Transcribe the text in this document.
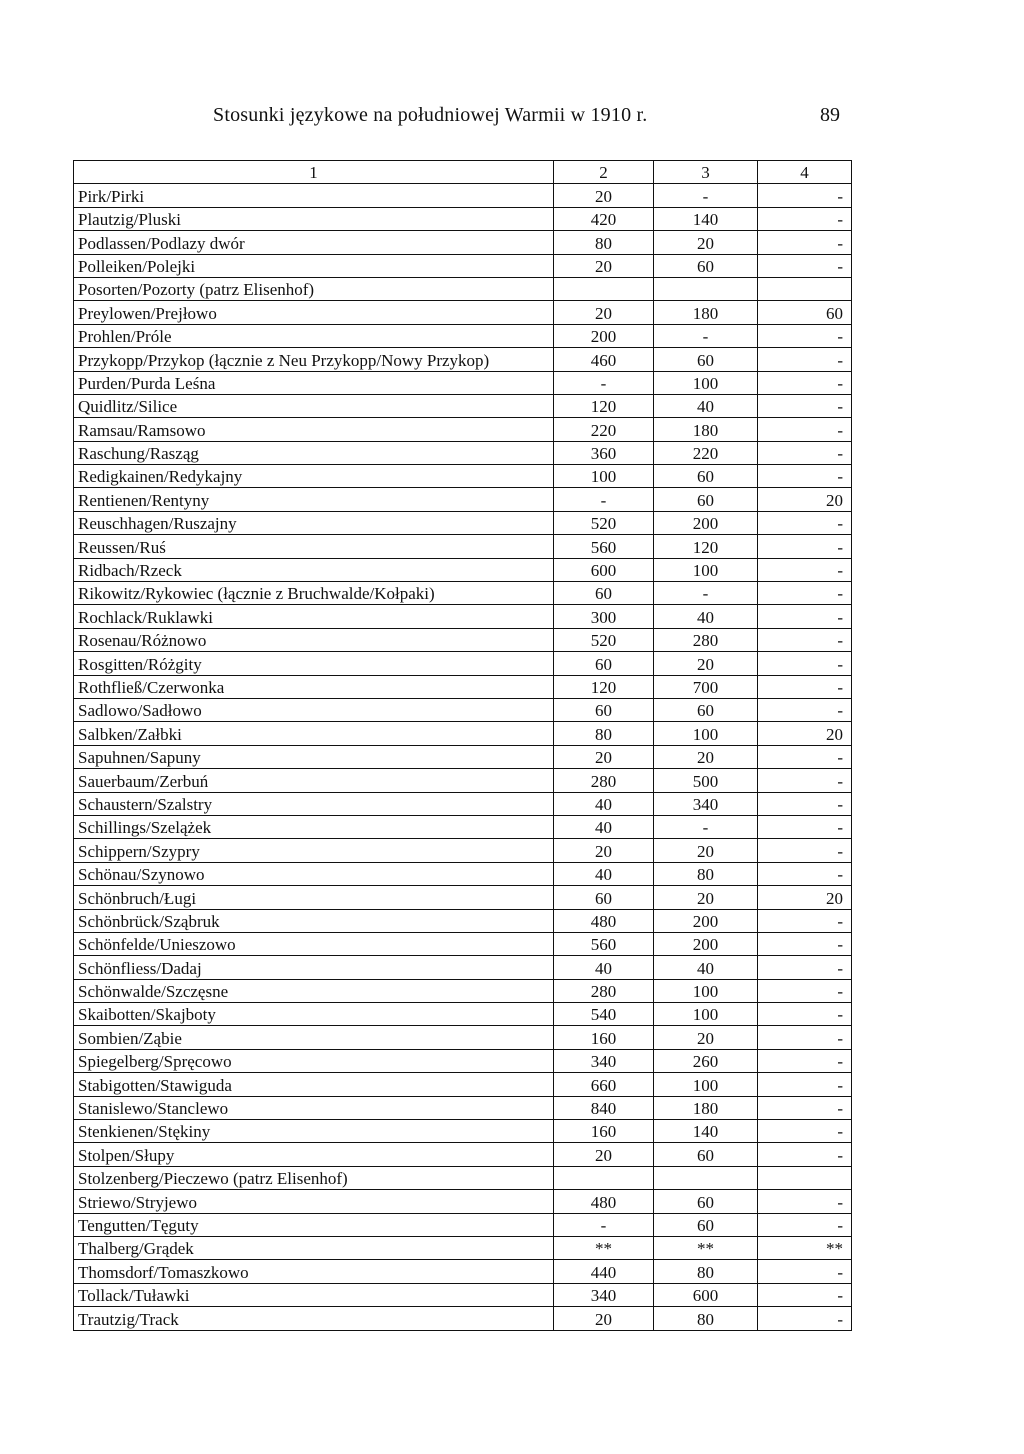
Stosunki językowe na południowej Warmii w 1910 r.	89
1	2	3	4
Pirk/Pirki	20	-	-
Plautzig/Pluski	420	140	-
Podlassen/Podlazy dwór	80	20	-
Polleiken/Polejki	20	60	-
Posorten/Pozorty (patrz Elisenhof)			
Preylowen/Prejłowo	20	180	60
Prohlen/Próle	200	-	-
Przykopp/Przykop (łącznie z Neu Przykopp/Nowy Przykop)	460	60	-
Purden/Purda Leśna	-	100	-
Quidlitz/Silice	120	40	-
Ramsau/Ramsowo	220	180	-
Raschung/Rasząg	360	220	-
Redigkainen/Redykajny	100	60	-
Rentienen/Rentyny	-	60	20
Reuschhagen/Ruszajny	520	200	-
Reussen/Ruś	560	120	-
Ridbach/Rzeck	600	100	-
Rikowitz/Rykowiec (łącznie z Bruchwalde/Kołpaki)	60	-	-
Rochlack/Ruklawki	300	40	-
Rosenau/Różnowo	520	280	-
Rosgitten/Różgity	60	20	-
Rothfließ/Czerwonka	120	700	-
Sadlowo/Sadłowo	60	60	-
Salbken/Załbki	80	100	20
Sapuhnen/Sapuny	20	20	-
Sauerbaum/Zerbuń	280	500	-
Schaustern/Szalstry	40	340	-
Schillings/Szelążek	40	-	-
Schippern/Szypry	20	20	-
Schönau/Szynowo	40	80	-
Schönbruch/Ługi	60	20	20
Schönbrück/Sząbruk	480	200	-
Schönfelde/Unieszowo	560	200	-
Schönfliess/Dadaj	40	40	-
Schönwalde/Szczęsne	280	100	-
Skaibotten/Skajboty	540	100	-
Sombien/Ząbie	160	20	-
Spiegelberg/Spręcowo	340	260	-
Stabigotten/Stawiguda	660	100	-
Stanislewo/Stanclewo	840	180	-
Stenkienen/Stękiny	160	140	-
Stolpen/Słupy	20	60	-
Stolzenberg/Pieczewo (patrz Elisenhof)			
Striewo/Stryjewo	480	60	-
Tengutten/Tęguty	-	60	-
Thalberg/Grądek	**	**	**
Thomsdorf/Tomaszkowo	440	80	-
Tollack/Tuławki	340	600	-
Trautzig/Track	20	80	-
